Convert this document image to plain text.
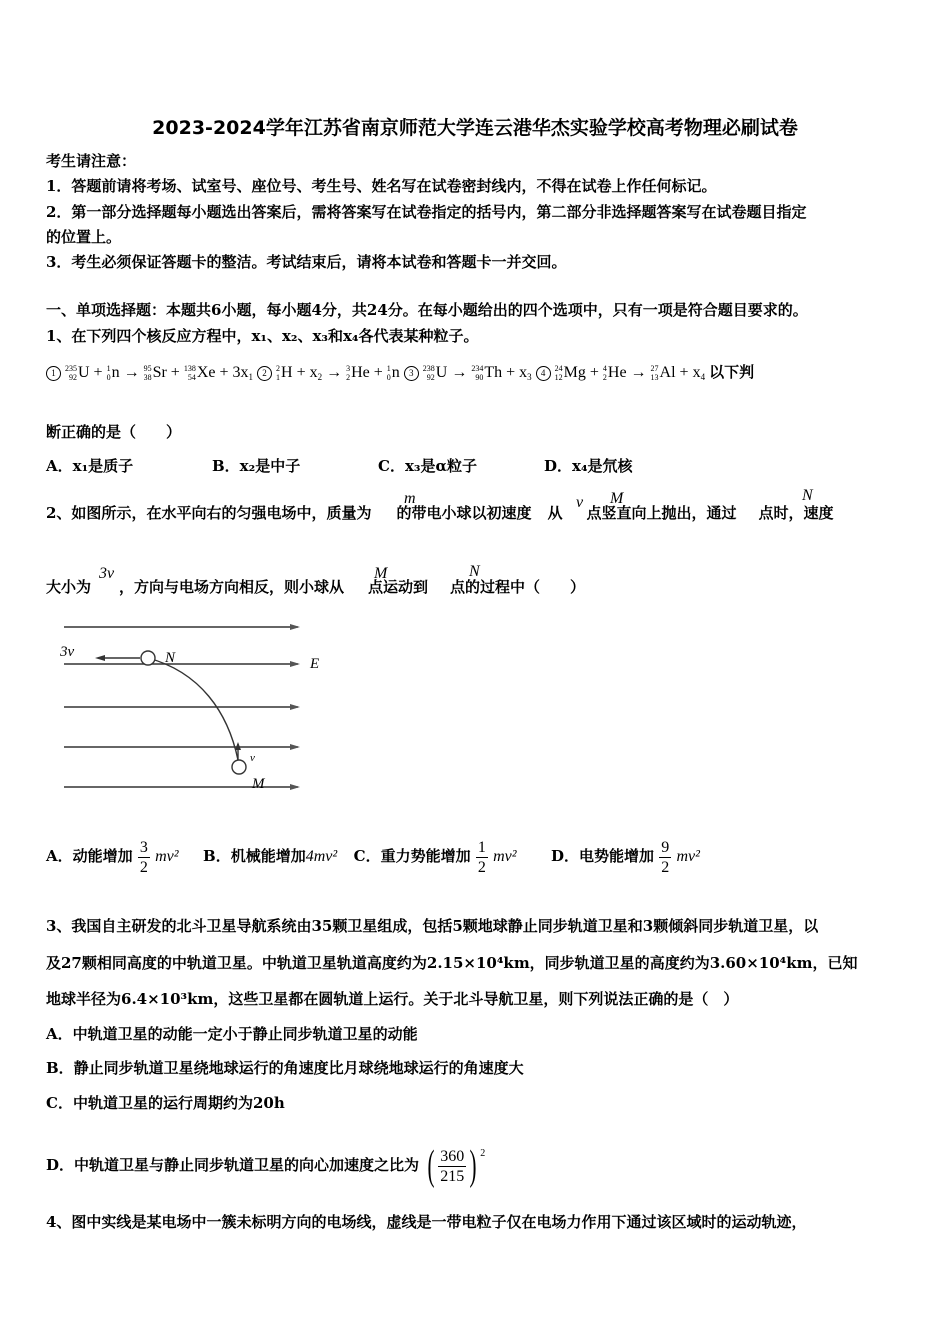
2023-2024学年江苏省南京师范大学连云港华杰实验学校高考物理必刷试卷
考生请注意：
1．答题前请将考场、试室号、座位号、考生号、姓名写在试卷密封线内，不得在试卷上作任何标记。
2．第一部分选择题每小题选出答案后，需将答案写在试卷指定的括号内，第二部分非选择题答案写在试卷题目指定
的位置上。
3．考生必须保证答题卡的整洁。考试结束后，请将本试卷和答题卡一并交回。
一、单项选择题：本题共6小题，每小题4分，共24分。在每小题给出的四个选项中，只有一项是符合题目要求的。
1、在下列四个核反应方程中，x₁、x₂、x₃和x₄各代表某种粒子。
1 235
92 U + 1
0 n → 95
38 Sr + 138
54 $Xe + 3x_1$ 2 2
1 $H + x_2 \to 3$
2 He + 1
0 n 3 238
92 U → 234
90 $Th + x_3$ 4 24
12 Mg + 4
2 He → 27
13 $Al + x_4$ 以下判
断正确的是（　　）
A．x₁是质子	B．x₂是中子	C．x₃是α粒子	D．x₄是氘核
2、如图所示，在水平向右的匀强电场中，质量为 的带电小球以初速度 从 点竖直向上抛出，通过 点时，速度
m	v M	N
大小为 ，方向与电场方向相反，则小球从 点运动到 点的过程中（　　）
3v	M	N
3v	N	E
v
M
A．动能增加 $\frac{3}{2} mv^2$ B．机械能增加4mv² C．重力势能增加 $\frac{1}{2} mv^2$ D．电势能增加 $\frac{9}{2} mv^2$
3、我国自主研发的北斗卫星导航系统由35颗卫星组成，包括5颗地球静止同步轨道卫星和3颗倾斜同步轨道卫星，以
及27颗相同高度的中轨道卫星。中轨道卫星轨道高度约为2.15×10⁴km，同步轨道卫星的高度约为3.60×10⁴km，已知
地球半径为6.4×10³km，这些卫星都在圆轨道上运行。关于北斗导航卫星，则下列说法正确的是（　）
A．中轨道卫星的动能一定小于静止同步轨道卫星的动能
B．静止同步轨道卫星绕地球运行的角速度比月球绕地球运行的角速度大
C．中轨道卫星的运行周期约为20h
D．中轨道卫星与静止同步轨道卫星的向心加速度之比为 ( $\frac{360}{215}$ ) $^2$
4、图中实线是某电场中一簇未标明方向的电场线，虚线是一带电粒子仅在电场力作用下通过该区域时的运动轨迹，
